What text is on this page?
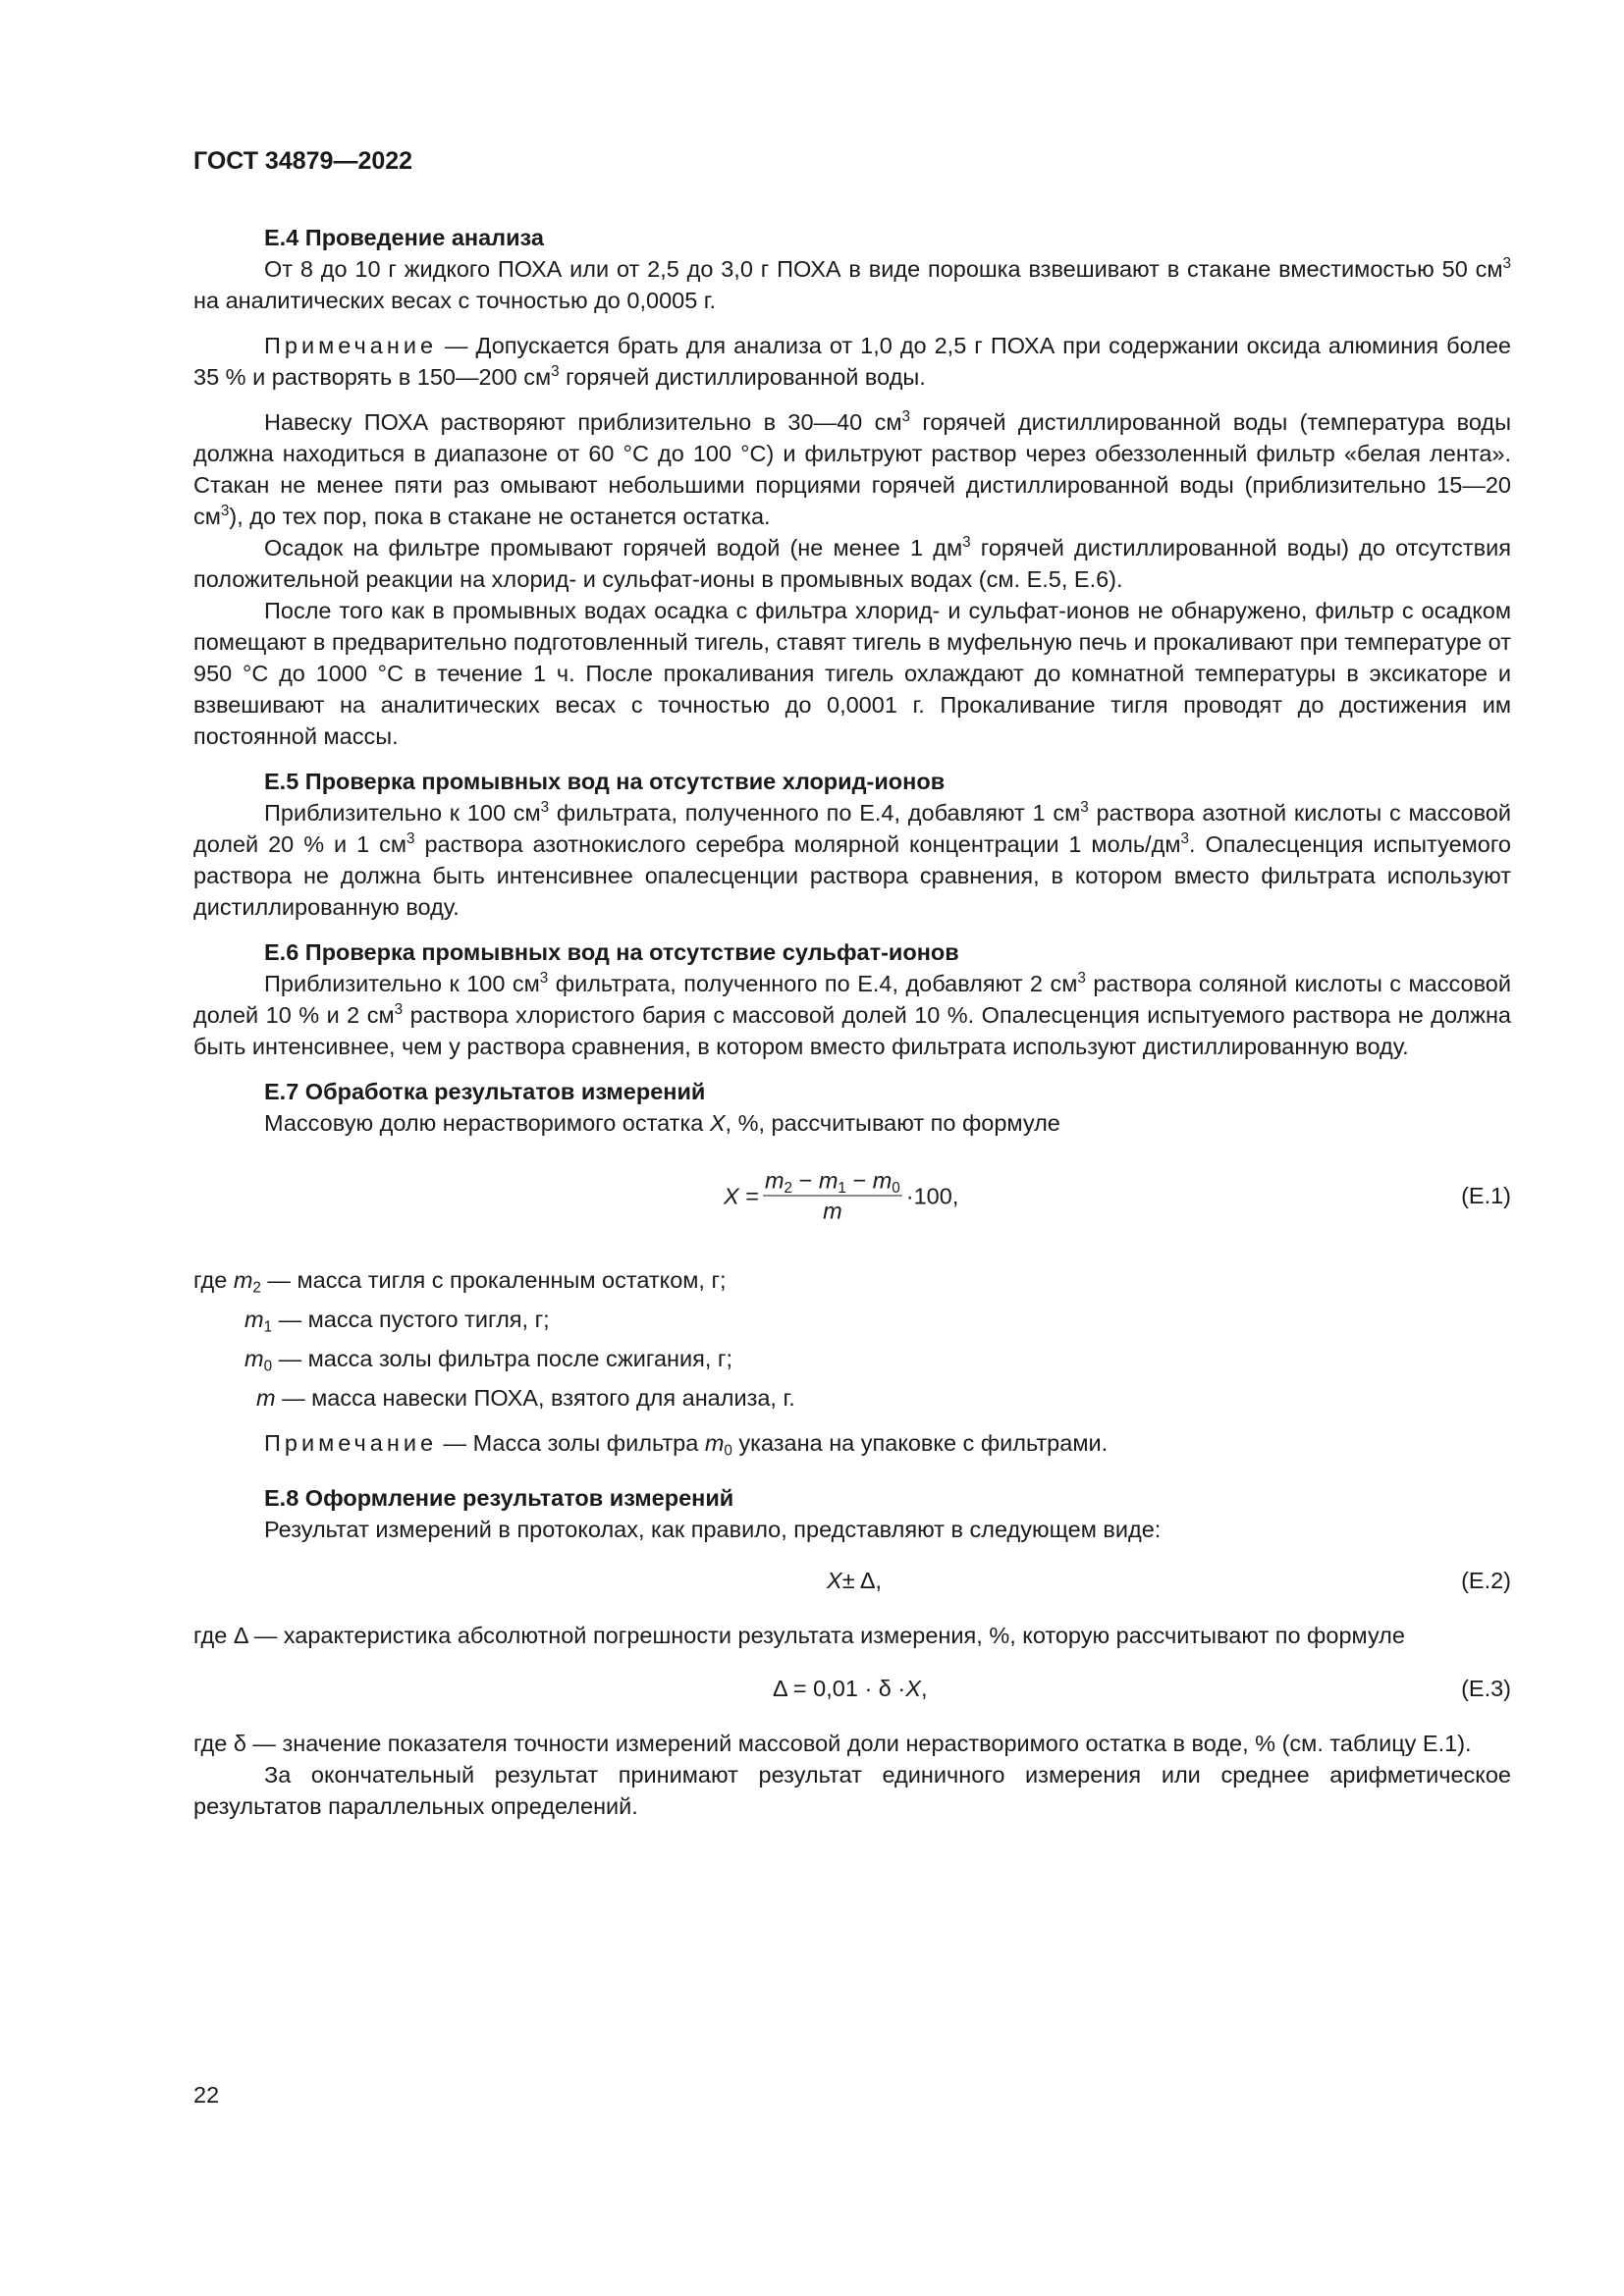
ГОСТ 34879—2022
Е.4 Проведение анализа

От 8 до 10 г жидкого ПОХА или от 2,5 до 3,0 г ПОХА в виде порошка взвешивают в стакане вместимостью 50 $см^3$ на аналитических весах с точностью до 0,0005 г.

Примечание — Допускается брать для анализа от 1,0 до 2,5 г ПОХА при содержании оксида алюминия более 35 % и растворять в 150—200 $см^3$ горячей дистиллированной воды.

Навеску ПОХА растворяют приблизительно в 30—40 $см^3$ горячей дистиллированной воды (температура воды должна находиться в диапазоне от 60 °С до 100 °С) и фильтруют раствор через обеззоленный фильтр «белая лента». Стакан не менее пяти раз омывают небольшими порциями горячей дистиллированной воды (приблизительно 15—20 $см^3$), до тех пор, пока в стакане не останется остатка.

Осадок на фильтре промывают горячей водой (не менее 1 $дм^3$ горячей дистиллированной воды) до отсутствия положительной реакции на хлорид- и сульфат-ионы в промывных водах (см. Е.5, Е.6).

После того как в промывных водах осадка с фильтра хлорид- и сульфат-ионов не обнаружено, фильтр с осадком помещают в предварительно подготовленный тигель, ставят тигель в муфельную печь и прокаливают при температуре от 950 °С до 1000 °С в течение 1 ч. После прокаливания тигель охлаждают до комнатной температуры в эксикаторе и взвешивают на аналитических весах с точностью до 0,0001 г. Прокаливание тигля проводят до достижения им постоянной массы.

Е.5 Проверка промывных вод на отсутствие хлорид-ионов

Приблизительно к 100 $см^3$ фильтрата, полученного по Е.4, добавляют 1 $см^3$ раствора азотной кислоты с массовой долей 20 % и 1 $см^3$ раствора азотнокислого серебра молярной концентрации 1 моль/$дм^3$. Опалесценция испытуемого раствора не должна быть интенсивнее опалесценции раствора сравнения, в котором вместо фильтрата используют дистиллированную воду.

Е.6 Проверка промывных вод на отсутствие сульфат-ионов

Приблизительно к 100 $см^3$ фильтрата, полученного по Е.4, добавляют 2 $см^3$ раствора соляной кислоты с массовой долей 10 % и 2 $см^3$ раствора хлористого бария с массовой долей 10 %. Опалесценция испытуемого раствора не должна быть интенсивнее, чем у раствора сравнения, в котором вместо фильтрата используют дистиллированную воду.

Е.7 Обработка результатов измерений

Массовую долю нерастворимого остатка X, %, рассчитывают по формуле

X
= $\frac{m_2 - m_1 - m_0}{m} \cdot 100$,	(Е.1)
где $m_2$ — масса тигля с прокаленным остатком, г;
$m_1$ — масса пустого тигля, г;
$m_0$ — масса золы фильтра после сжигания, г;
m — масса навески ПОХА, взятого для анализа, г.

Примечание — Масса золы фильтра $m_0$ указана на упаковке с фильтрами.

Е.8 Оформление результатов измерений

Результат измерений в протоколах, как правило, представляют в следующем виде:

X ± Δ,	(Е.2)

где Δ — характеристика абсолютной погрешности результата измерения, %, которую рассчитывают по формуле

Δ = 0,01 · δ · X ,	(Е.3)

где δ — значение показателя точности измерений массовой доли нерастворимого остатка в воде, % (см. таблицу Е.1).

За окончательный результат принимают результат единичного измерения или среднее арифметическое результатов параллельных определений.

22
